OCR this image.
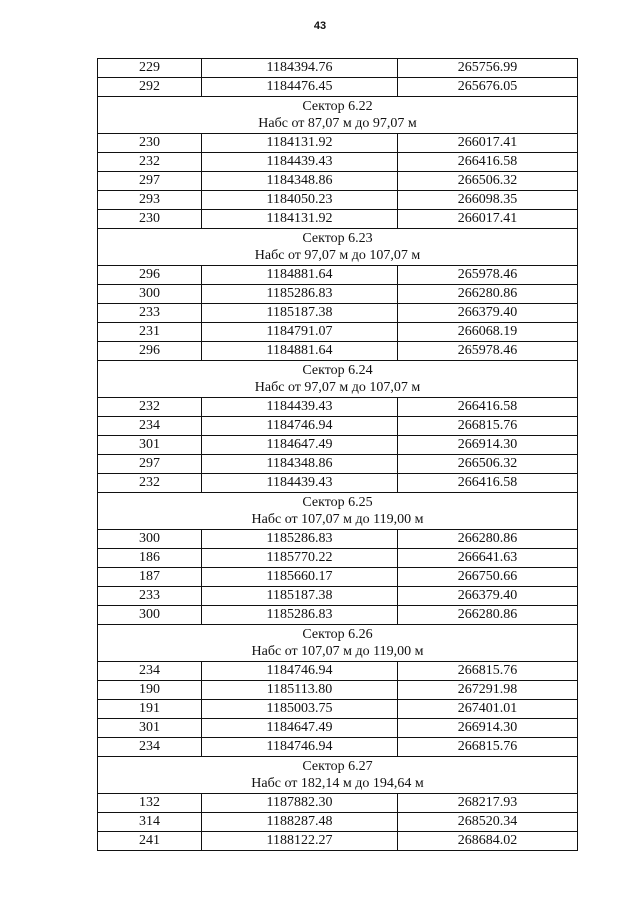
43
229	1184394.76	265756.99
292	1184476.45	265676.05

Сектор 6.22
Набс от 87,07 м до 97,07 м		

230	1184131.92	266017.41
232	1184439.43	266416.58
297	1184348.86	266506.32
293	1184050.23	266098.35
230	1184131.92	266017.41

Сектор 6.23
Набс от 97,07 м до 107,07 м		

296	1184881.64	265978.46
300	1185286.83	266280.86
233	1185187.38	266379.40
231	1184791.07	266068.19
296	1184881.64	265978.46

Сектор 6.24
Набс от 97,07 м до 107,07 м		

232	1184439.43	266416.58
234	1184746.94	266815.76
301	1184647.49	266914.30
297	1184348.86	266506.32
232	1184439.43	266416.58

Сектор 6.25
Набс от 107,07 м до 119,00 м		

300	1185286.83	266280.86
186	1185770.22	266641.63
187	1185660.17	266750.66
233	1185187.38	266379.40
300	1185286.83	266280.86

Сектор 6.26
Набс от 107,07 м до 119,00 м		

234	1184746.94	266815.76
190	1185113.80	267291.98
191	1185003.75	267401.01
301	1184647.49	266914.30
234	1184746.94	266815.76

Сектор 6.27
Набс от 182,14 м до 194,64 м		

132	1187882.30	268217.93
314	1188287.48	268520.34
241	1188122.27	268684.02
